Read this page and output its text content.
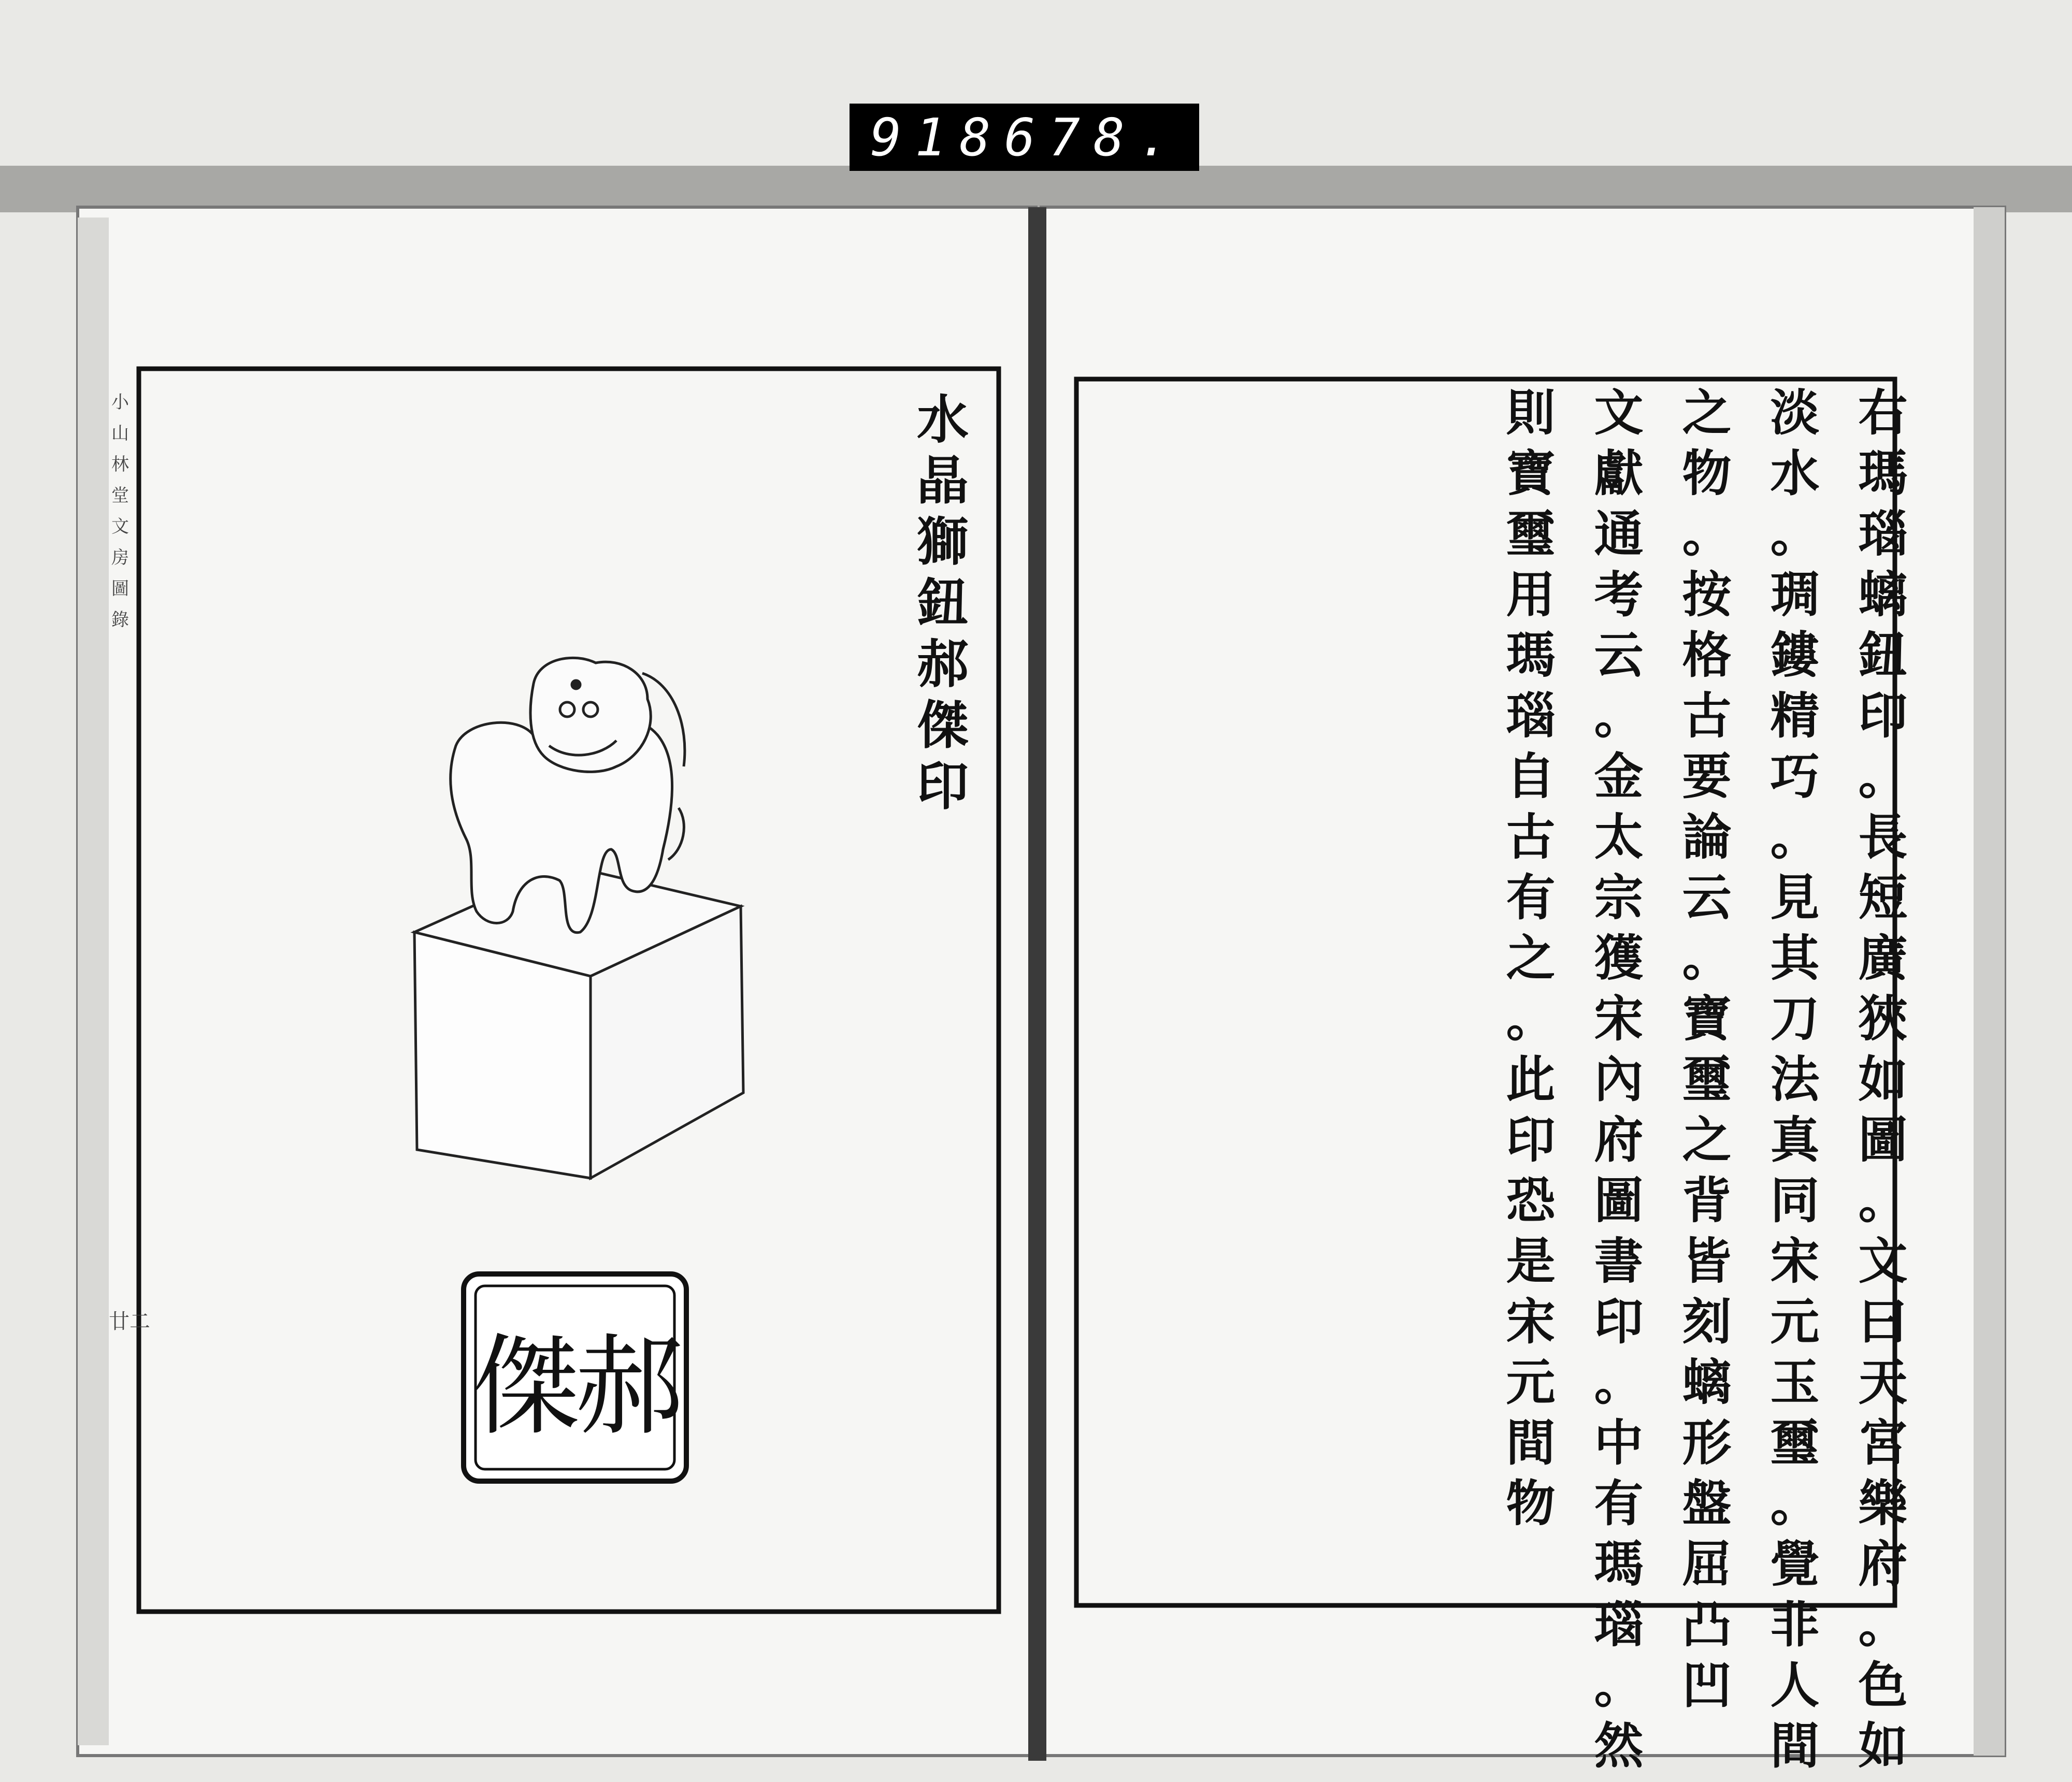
918 678.
小
山
林
堂
文
房
圖
錄
廿二
水
晶
獅
鈕
郝
傑
印
郝
傑
右
瑪
瑙
螭
鈕
印
。
長
短
廣
狹
如
圖
。
文
曰
天
宮
樂
府
。
色
如
淡
水
。
琱
鏤
精
巧
。
見
其
刀
法
真
同
宋
元
玉
璽
。
覺
非
人
間
之
物
。
按
格
古
要
論
云
。
寶
璽
之
背
皆
刻
螭
形
盤
屈
凸
凹
文
獻
通
考
云
。
金
太
宗
獲
宋
內
府
圖
書
印
。
中
有
瑪
瑙
。
然
則
寶
璽
用
瑪
瑙
自
古
有
之
。
此
印
恐
是
宋
元
間
物
